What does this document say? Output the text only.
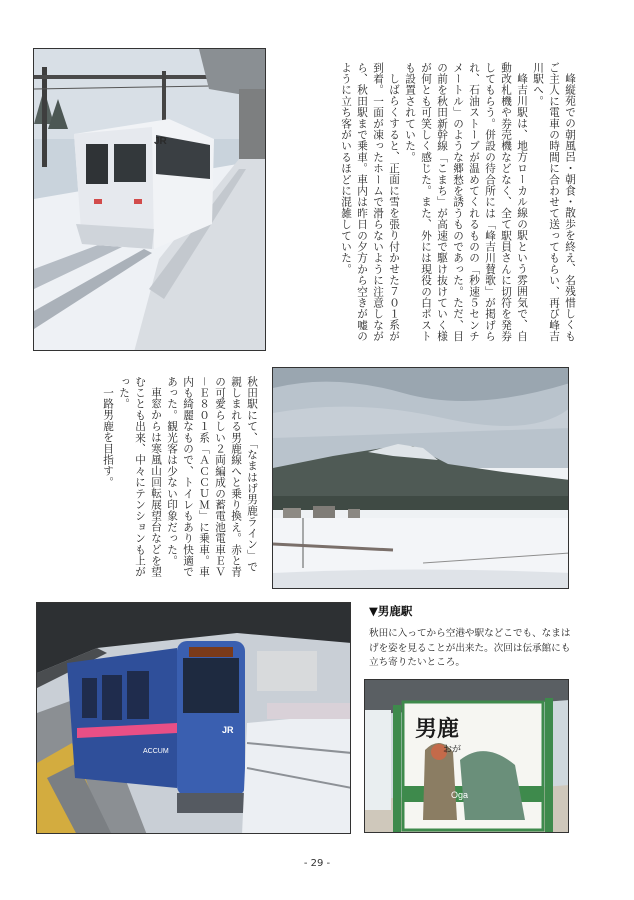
JR	峰縦苑での朝風呂・朝食・散歩を終え、名残惜しくもご主人に電車の時間に合わせて送ってもらい、再び峰吉川駅へ。

峰吉川駅は、地方ローカル線の駅という雰囲気で、自動改札機や券売機などなく、全て駅員さんに切符を発券してもらう。併設の待合所には「峰吉川賛歌」が掲げられ、石油ストーブが温めてくれるものの「秒速５センチメートル」のような郷愁を誘うものであった。ただ、目の前を秋田新幹線「こまち」が高速で駆け抜けていく様が何とも可笑しく感じた。また、外には現役の白ポストも設置されていた。

しばらくすると、正面に雪を張り付かせた７０１系が到着。一面が凍ったホームで滑らないように注意しながら、秋田駅まで乗車。車内は昨日の夕方から空きが嘘のように立ち客がいるほどに混雑していた。

秋田駅にて、「なまはげ男鹿ライン」で親しまれる男鹿線へと乗り換え。赤と青の可愛らしい２両編成の蓄電池電車ＥＶ－Ｅ８０１系「ＡＣＣＵＭ」に乗車。車内も綺麗なもので、トイレもあり快適であった。観光客は少ない印象だった。

車窓からは寒風山回転展望台などを望むことも出来、中々にテンションも上がった。

一路男鹿を目指す。

ACCUM
JR
▼男鹿駅
秋田に入ってから空港や駅などこでも、なまはげを姿を見ることが出来た。次回は伝承館にも立ち寄りたいところ。
男鹿
おが
Oga
- 29 -
